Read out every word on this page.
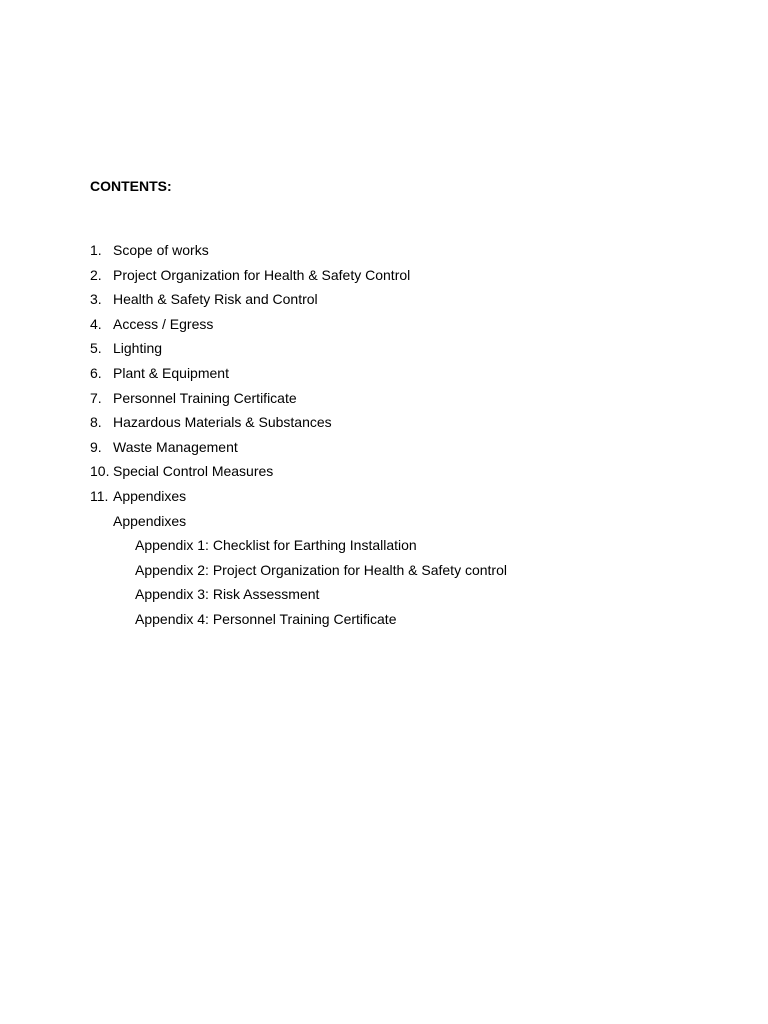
CONTENTS:
1. Scope of works
2. Project Organization for Health & Safety Control
3. Health & Safety Risk and Control
4. Access / Egress
5. Lighting
6. Plant & Equipment
7. Personnel Training Certificate
8. Hazardous Materials & Substances
9. Waste Management
10. Special Control Measures
11. Appendixes
Appendixes
Appendix 1: Checklist for Earthing Installation
Appendix 2: Project Organization for Health & Safety control
Appendix 3: Risk Assessment
Appendix 4: Personnel Training Certificate
